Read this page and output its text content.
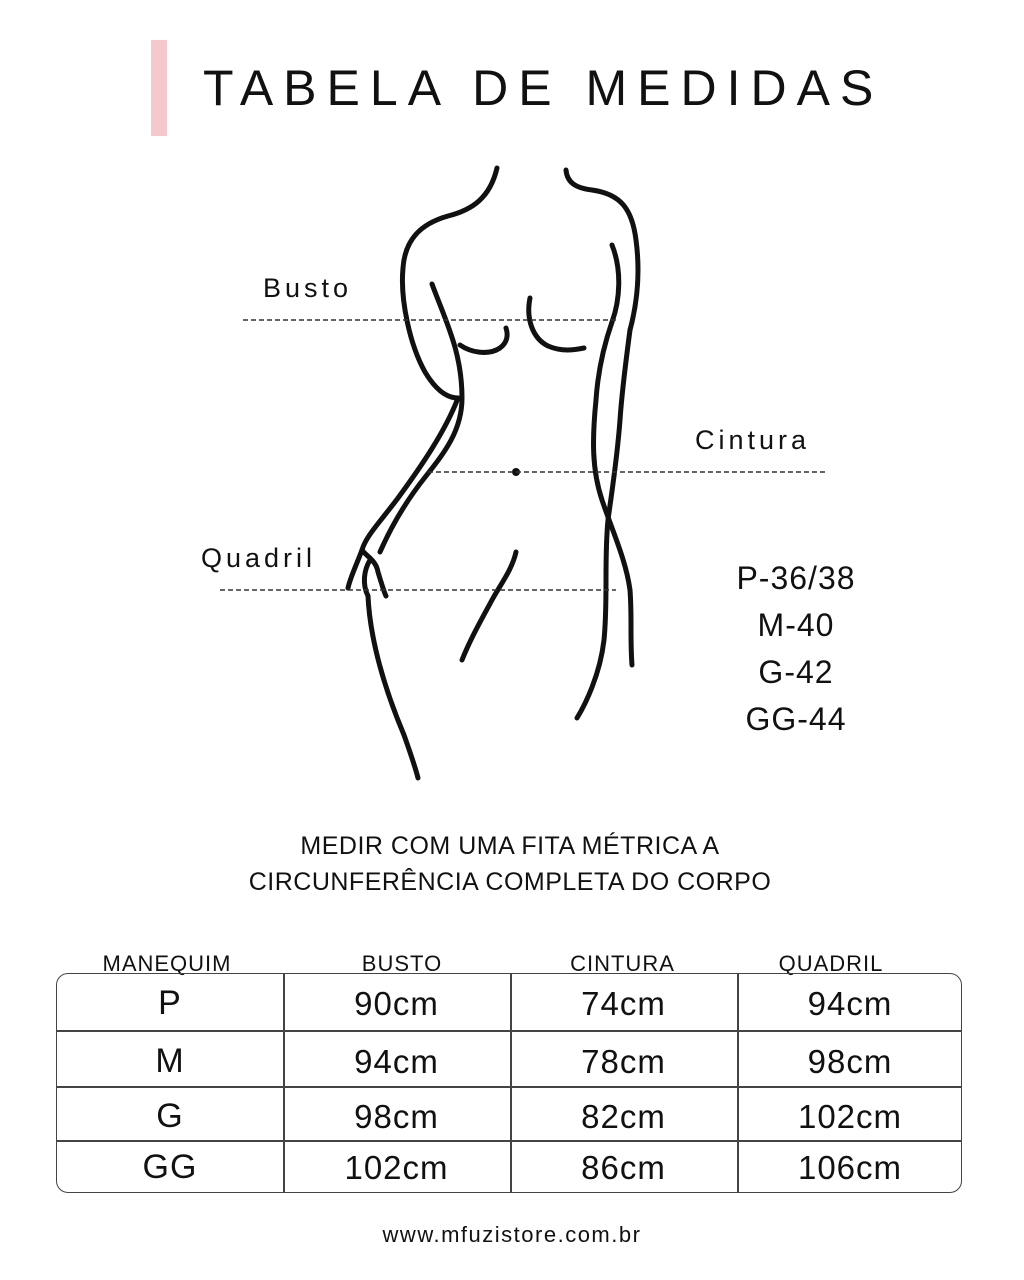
TABELA DE MEDIDAS
Busto
Cintura
Quadril
P-36/38
M-40
G-42
GG-44
MEDIR COM UMA FITA MÉTRICA A
CIRCUNFERÊNCIA COMPLETA DO CORPO
MANEQUIM	BUSTO	CINTURA	QUADRIL
P	90cm	74cm	94cm
M	94cm	78cm	98cm
G	98cm	82cm	102cm
GG	102cm	86cm	106cm
www.mfuzistore.com.br
